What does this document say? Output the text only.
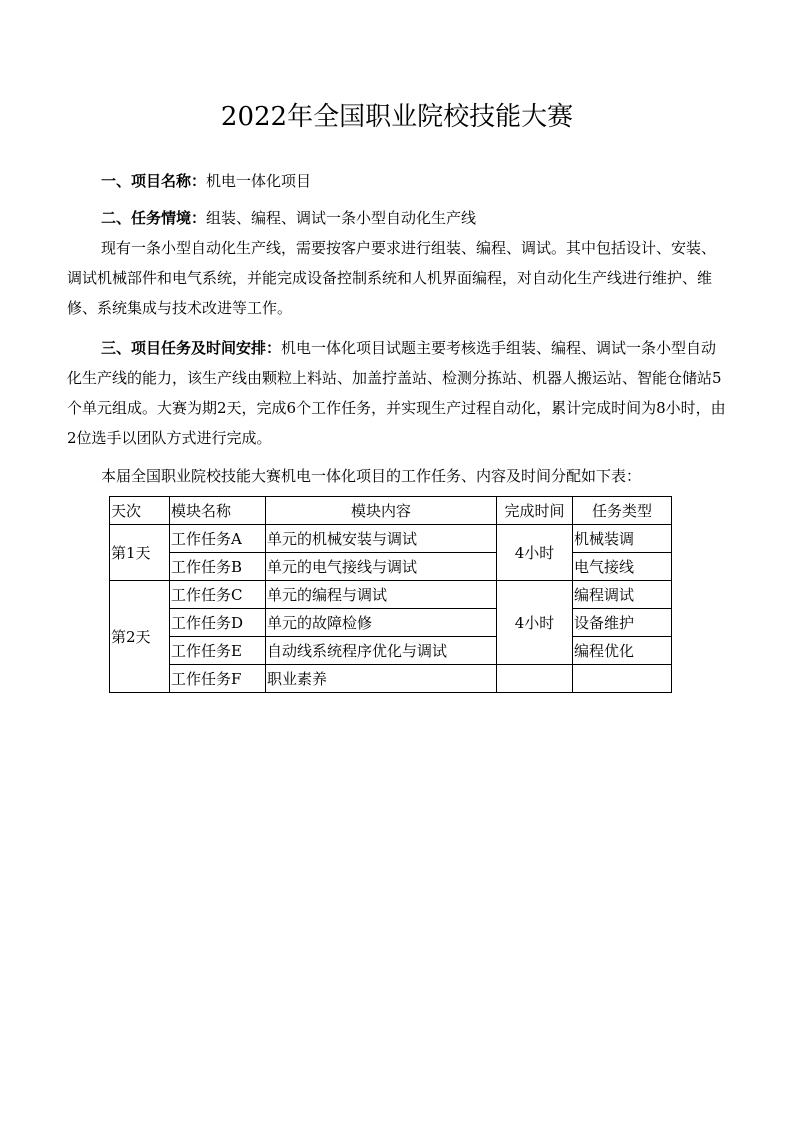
2022年全国职业院校技能大赛
一、项目名称：机电一体化项目
二、任务情境：组装、编程、调试一条小型自动化生产线
现有一条小型自动化生产线，需要按客户要求进行组装、编程、调试。其中包括设计、安装、调试机械部件和电气系统，并能完成设备控制系统和人机界面编程，对自动化生产线进行维护、维修、系统集成与技术改进等工作。
三、项目任务及时间安排：机电一体化项目试题主要考核选手组装、编程、调试一条小型自动化生产线的能力，该生产线由颗粒上料站、加盖拧盖站、检测分拣站、机器人搬运站、智能仓储站5个单元组成。大赛为期2天，完成6个工作任务，并实现生产过程自动化，累计完成时间为8小时，由2位选手以团队方式进行完成。
本届全国职业院校技能大赛机电一体化项目的工作任务、内容及时间分配如下表：
天次	模块名称	模块内容	完成时间	任务类型
第1天	工作任务A	单元的机械安装与调试	4小时	机械装调
	工作任务B	单元的电气接线与调试		电气接线
第2天	工作任务C	单元的编程与调试	4小时	编程调试
	工作任务D	单元的故障检修		设备维护
	工作任务E	自动线系统程序优化与调试		编程优化
	工作任务F	职业素养		
